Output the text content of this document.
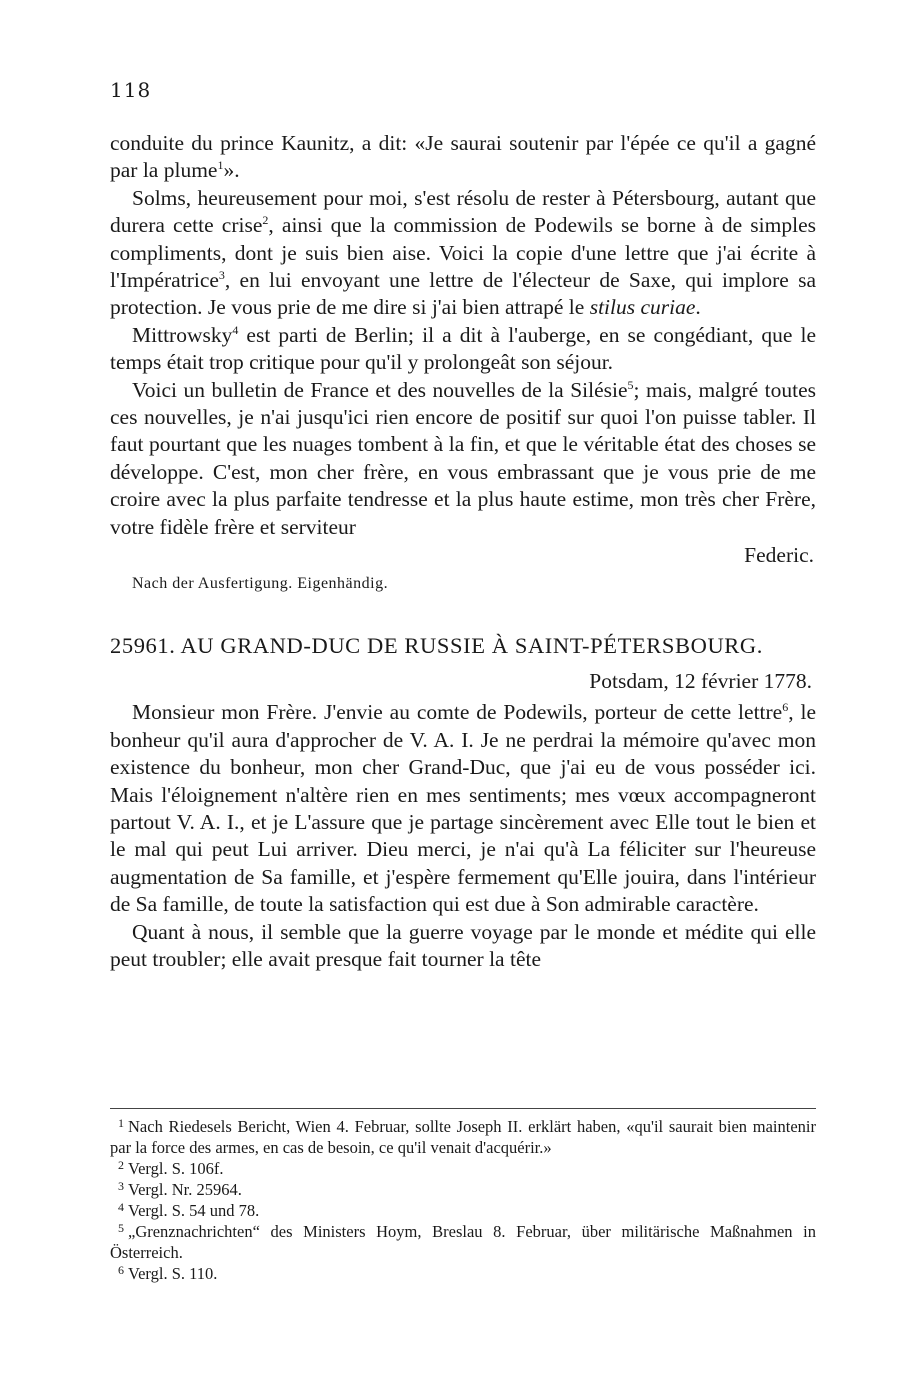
118

conduite du prince Kaunitz, a dit: «Je saurai soutenir par l'épée ce qu'il a gagné par la plume$^1$».

Solms, heureusement pour moi, s'est résolu de rester à Pétersbourg, autant que durera cette crise$^2$, ainsi que la commission de Podewils se borne à de simples compliments, dont je suis bien aise. Voici la copie d'une lettre que j'ai écrite à l'Impératrice$^3$, en lui envoyant une lettre de l'électeur de Saxe, qui implore sa protection. Je vous prie de me dire si j'ai bien attrapé le stilus curiae.

Mittrowsky$^4$ est parti de Berlin; il a dit à l'auberge, en se congédiant, que le temps était trop critique pour qu'il y prolongeât son séjour.

Voici un bulletin de France et des nouvelles de la Silésie$^5$; mais, malgré toutes ces nouvelles, je n'ai jusqu'ici rien encore de positif sur quoi l'on puisse tabler. Il faut pourtant que les nuages tombent à la fin, et que le véritable état des choses se développe. C'est, mon cher frère, en vous embrassant que je vous prie de me croire avec la plus parfaite tendresse et la plus haute estime, mon très cher Frère, votre fidèle frère et serviteur

Federic.
Nach der Ausfertigung. Eigenhändig.
25961. AU GRAND-DUC DE RUSSIE À SAINT-PÉTERSBOURG.
Potsdam, 12 février 1778.

Monsieur mon Frère. J'envie au comte de Podewils, porteur de cette lettre$^6$, le bonheur qu'il aura d'approcher de V. A. I. Je ne perdrai la mémoire qu'avec mon existence du bonheur, mon cher Grand-Duc, que j'ai eu de vous posséder ici. Mais l'éloignement n'altère rien en mes sentiments; mes vœux accompagneront partout V. A. I., et je L'assure que je partage sincèrement avec Elle tout le bien et le mal qui peut Lui arriver. Dieu merci, je n'ai qu'à La féliciter sur l'heureuse augmentation de Sa famille, et j'espère fermement qu'Elle jouira, dans l'intérieur de Sa famille, de toute la satisfaction qui est due à Son admirable caractère.

Quant à nous, il semble que la guerre voyage par le monde et médite qui elle peut troubler; elle avait presque fait tourner la tête

$^1$ Nach Riedesels Bericht, Wien 4. Februar, sollte Joseph II. erklärt haben, «qu'il saurait bien maintenir par la force des armes, en cas de besoin, ce qu'il venait d'acquérir.»

$^2$ Vergl. S. 106f.

$^3$ Vergl. Nr. 25964.

$^4$ Vergl. S. 54 und 78.

$^5$ „Grenznachrichten“ des Ministers Hoym, Breslau 8. Februar, über militärische Maßnahmen in Österreich.

$^6$ Vergl. S. 110.
